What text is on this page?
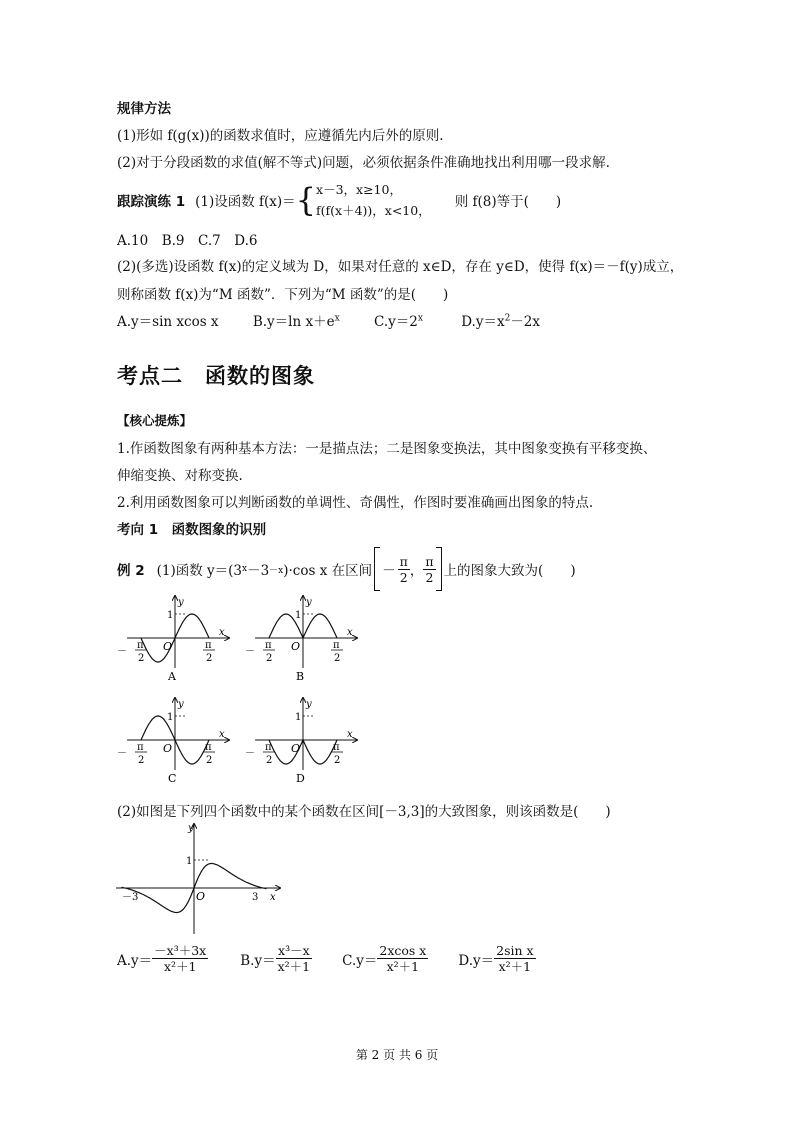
规律方法
(1)形如 f(g(x))的函数求值时，应遵循先内后外的原则.
(2)对于分段函数的求值(解不等式)问题，必须依据条件准确地找出利用哪一段求解.
跟踪演练 1 (1)设函数 f(x)＝ { x－3，x≥10，
f(f(x＋4))，x<10，
则 f(8)等于(　　)
A.10　B.9　C.7　D.6
(2)(多选)设函数 f(x)的定义域为 D，如果对任意的 x∈D，存在 y∈D，使得 f(x)＝－f(y)成立，
则称函数 f(x)为“M 函数”．下列为“M 函数”的是(　　)
A.y＝sin xcos x	B.y＝ln $x+e^x$	$C.y=2^x$	$D.y=x^2-2x$
考点二　函数的图象
【核心提炼】
1.作函数图象有两种基本方法：一是描点法；二是图象变换法，其中图象变换有平移变换、
伸缩变换、对称变换.
2.利用函数图象可以判断函数的单调性、奇偶性，作图时要准确画出图象的特点.
考向 1　函数图象的识别
例 2 (1)函数 y＝(3 x －3 －x )·cos x 在区间 － $\frac{\pi}{2}$ ， $\frac{\pi}{2}$ 上的图象大致为(　　)
y
x
O
1
－
π
2
π
2
A
y
x
O
1
－
π
2
π
2
B
y
x
O
1
－
π
2
π
2
C
y
x
O
1
－
π
2
π
2
D
(2)如图是下列四个函数中的某个函数在区间[－3,3]的大致图象，则该函数是(　　)
y
x
O
1
－3	3
$A.y= \frac{\text{－x³＋3x}}{\text{x²＋1}} B.y= \frac{\text{x³－x}}{\text{x²＋1}} C.y= \frac{\text{2xcos x}}{\text{x²＋1}} D.y= \frac{\text{2sin x}}{\text{x²＋1}}$
第 2 页 共 6 页
